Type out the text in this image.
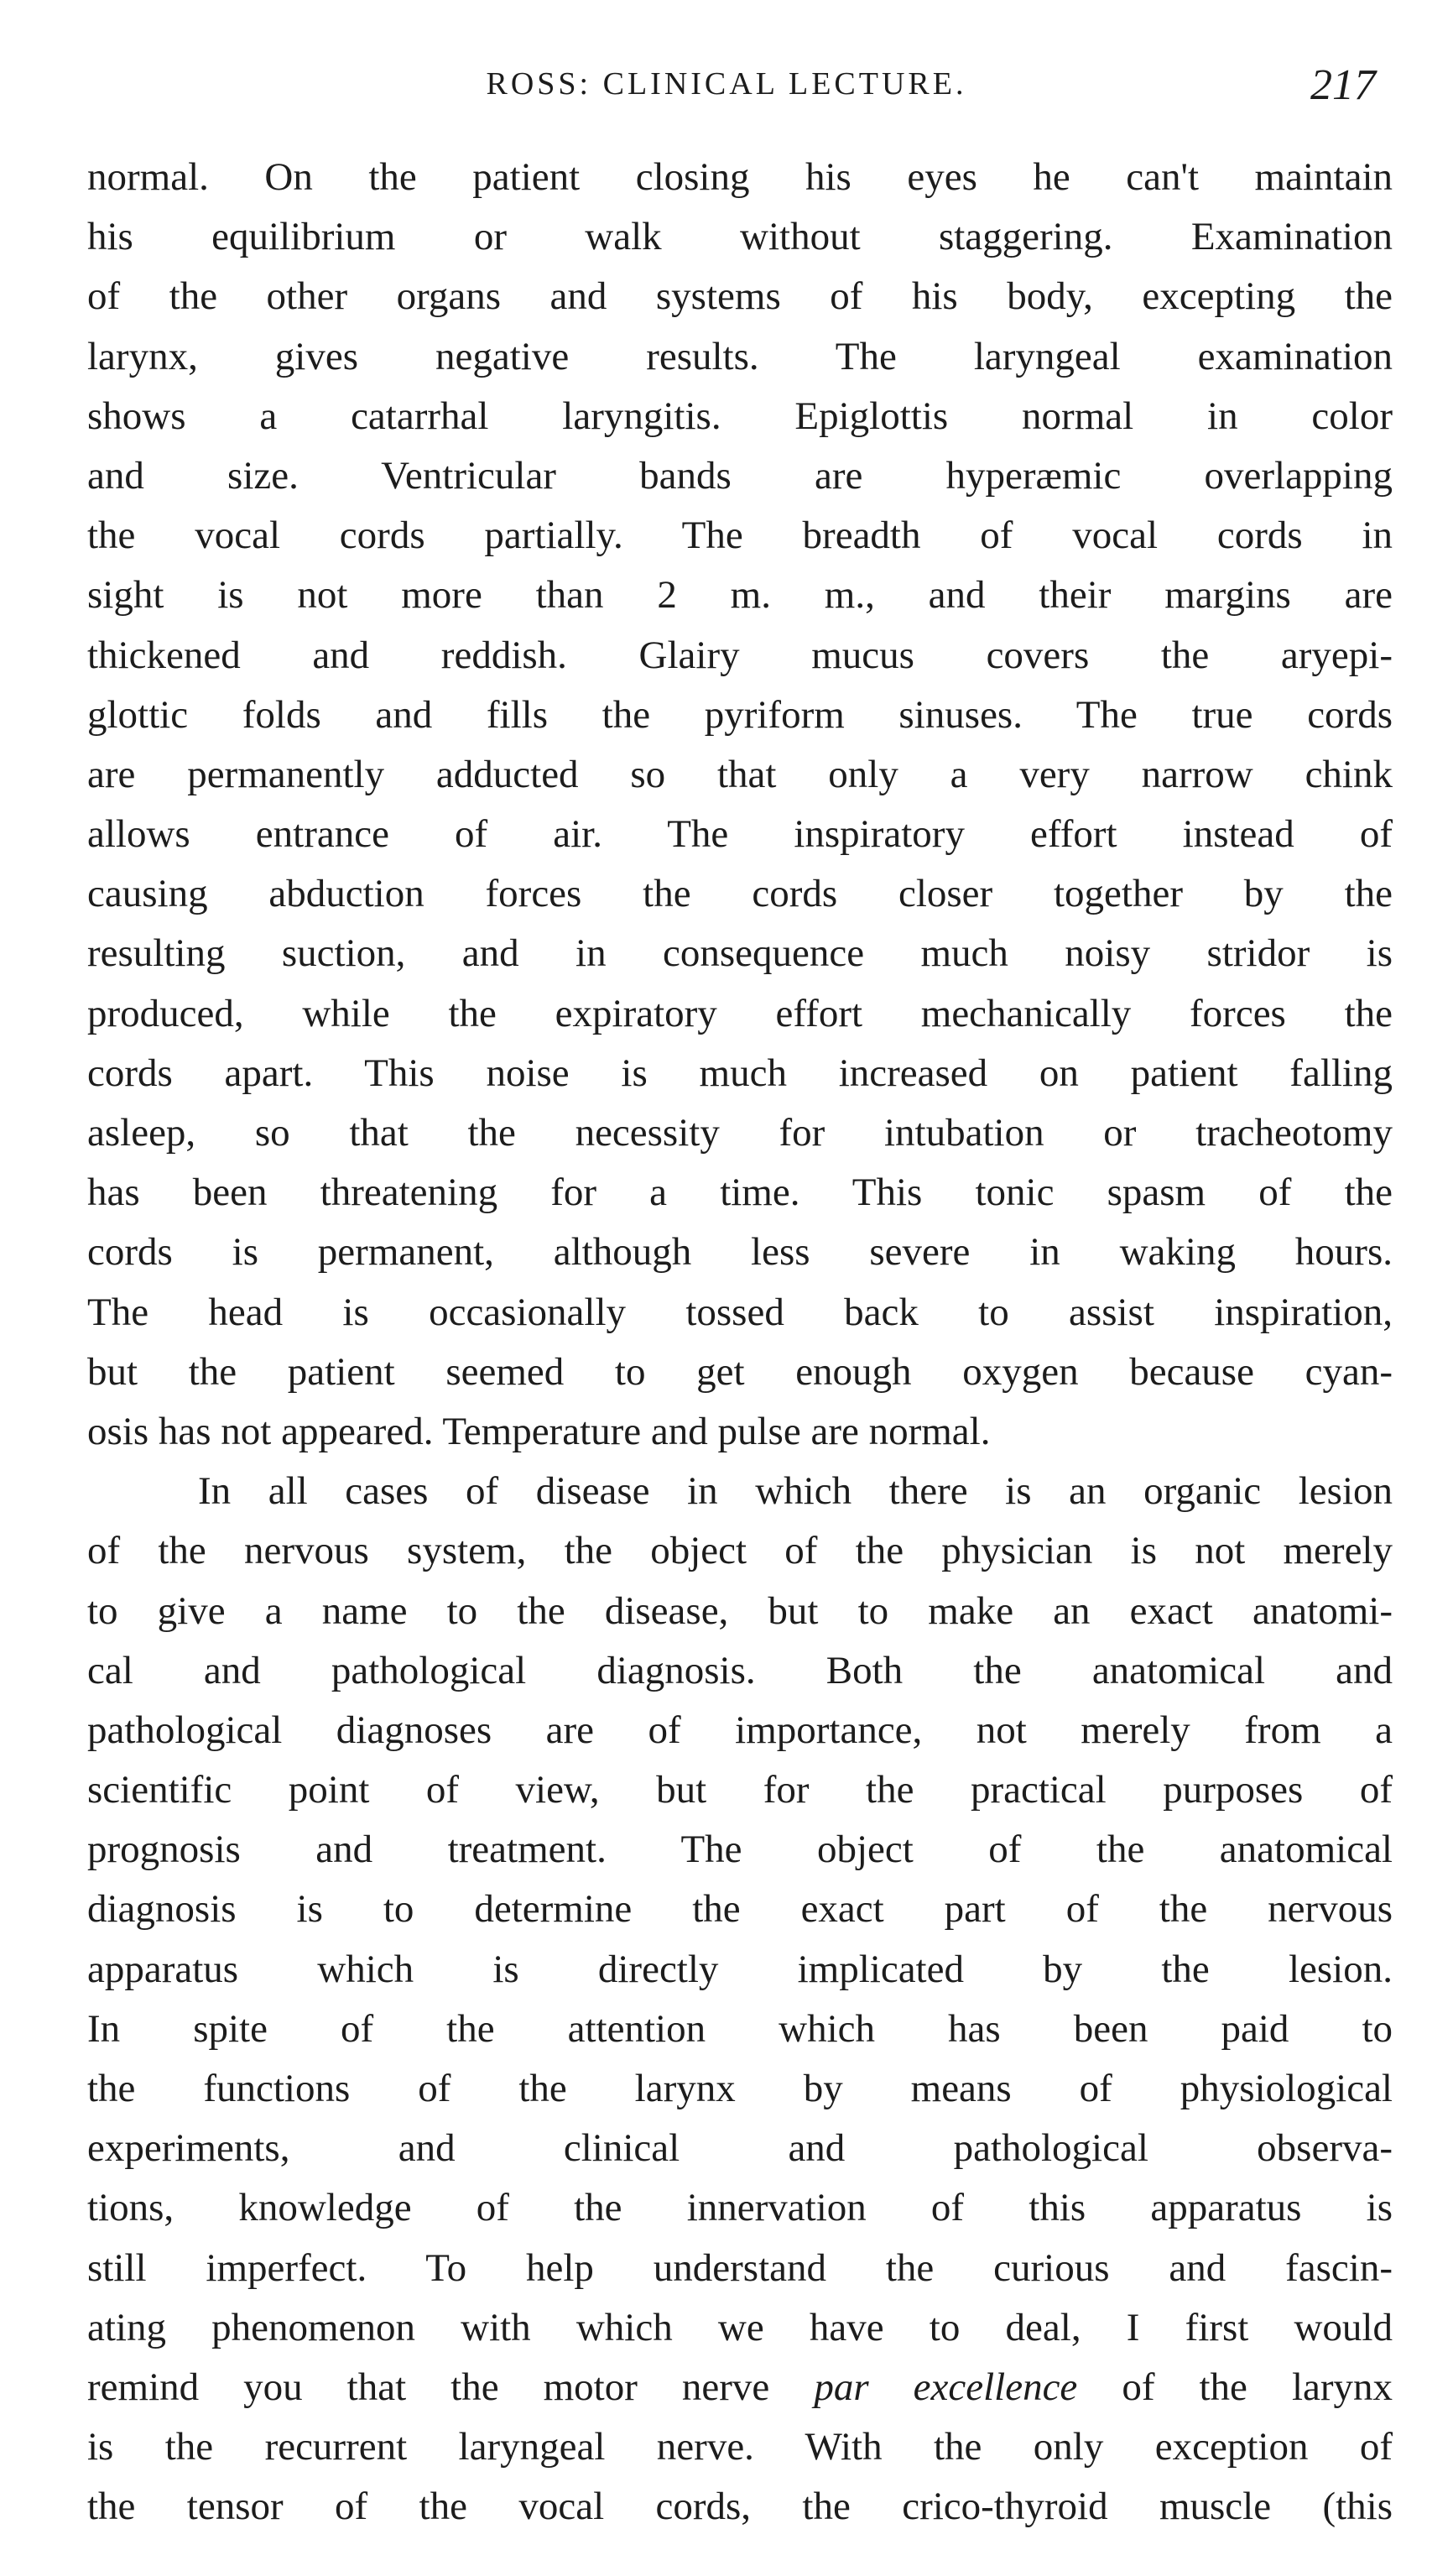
ROSS: CLINICAL LECTURE.	217
normal. On the patient closing his eyes he can't maintain
his equilibrium or walk without staggering. Examination
of the other organs and systems of his body, excepting the
larynx, gives negative results. The laryngeal examination
shows a catarrhal laryngitis. Epiglottis normal in color
and size. Ventricular bands are hyperæmic overlapping
the vocal cords partially. The breadth of vocal cords in
sight is not more than 2 m. m., and their margins are
thickened and reddish. Glairy mucus covers the aryepi-
glottic folds and fills the pyriform sinuses. The true cords
are permanently adducted so that only a very narrow chink
allows entrance of air. The inspiratory effort instead of
causing abduction forces the cords closer together by the
resulting suction, and in consequence much noisy stridor is
produced, while the expiratory effort mechanically forces the
cords apart. This noise is much increased on patient falling
asleep, so that the necessity for intubation or tracheotomy
has been threatening for a time. This tonic spasm of the
cords is permanent, although less severe in waking hours.
The head is occasionally tossed back to assist inspiration,
but the patient seemed to get enough oxygen because cyan-
osis has not appeared. Temperature and pulse are normal.
In all cases of disease in which there is an organic lesion
of the nervous system, the object of the physician is not merely
to give a name to the disease, but to make an exact anatomi-
cal and pathological diagnosis. Both the anatomical and
pathological diagnoses are of importance, not merely from a
scientific point of view, but for the practical purposes of
prognosis and treatment. The object of the anatomical
diagnosis is to determine the exact part of the nervous
apparatus which is directly implicated by the lesion.
In spite of the attention which has been paid to
the functions of the larynx by means of physiological
experiments, and clinical and pathological observa-
tions, knowledge of the innervation of this apparatus is
still imperfect. To help understand the curious and fascin-
ating phenomenon with which we have to deal, I first would
remind you that the motor nerve par excellence of the larynx
is the recurrent laryngeal nerve. With the only exception of
the tensor of the vocal cords, the crico-thyroid muscle (this
